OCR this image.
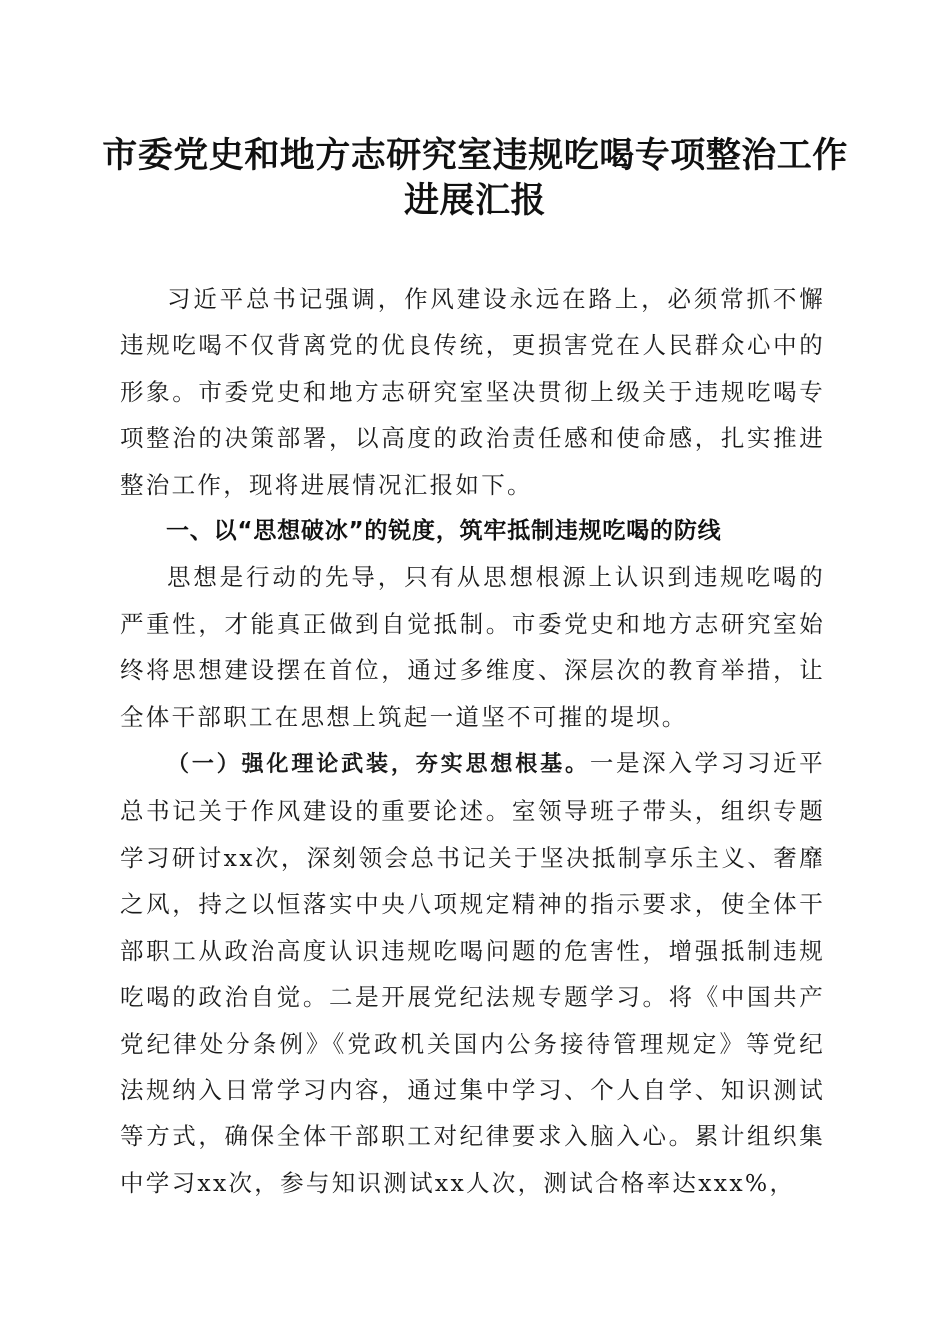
市委党史和地方志研究室违规吃喝专项整治工作进展汇报

习近平总书记强调，作风建设永远在路上，必须常抓不懈违规吃喝不仅背离党的优良传统，更损害党在人民群众心中的形象。市委党史和地方志研究室坚决贯彻上级关于违规吃喝专项整治的决策部署，以高度的政治责任感和使命感，扎实推进整治工作，现将进展情况汇报如下。

一、以“思想破冰”的锐度，筑牢抵制违规吃喝的防线

思想是行动的先导，只有从思想根源上认识到违规吃喝的严重性，才能真正做到自觉抵制。市委党史和地方志研究室始终将思想建设摆在首位，通过多维度、深层次的教育举措，让全体干部职工在思想上筑起一道坚不可摧的堤坝。

（一）强化理论武装，夯实思想根基。一是深入学习习近平总书记关于作风建设的重要论述。室领导班子带头，组织专题学习研讨xx次，深刻领会总书记关于坚决抵制享乐主义、奢靡之风，持之以恒落实中央八项规定精神的指示要求，使全体干部职工从政治高度认识违规吃喝问题的危害性，增强抵制违规吃喝的政治自觉。二是开展党纪法规专题学习。将《中国共产党纪律处分条例》《党政机关国内公务接待管理规定》等党纪法规纳入日常学习内容，通过集中学习、个人自学、知识测试等方式，确保全体干部职工对纪律要求入脑入心。累计组织集中学习xx次，参与知识测试xx人次，测试合格率达xxx%，
